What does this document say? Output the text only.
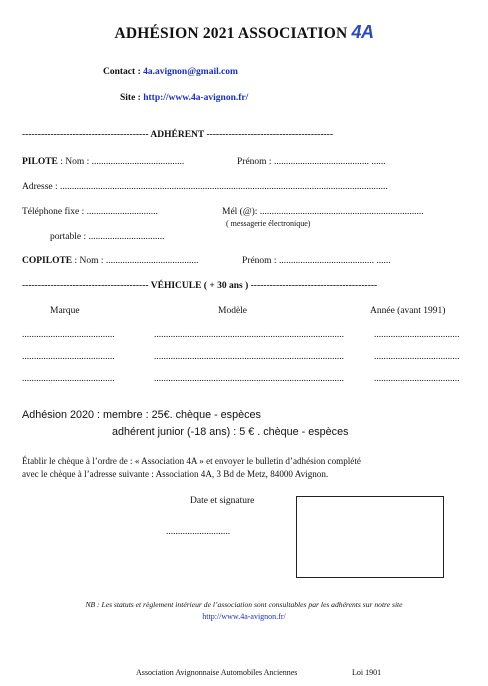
ADHÉSION 2021 ASSOCIATION 4A
Contact : 4a.avignon@gmail.com
Site : http://www.4a-avignon.fr/
---------------------------------------- ADHÉRENT ----------------------------------------
PILOTE : Nom : .......................................	Prénom : ........................................ ......
Adresse : ..........................................................................................................................................
Téléphone fixe : ..............................	Mél (@): .....................................................................
( messagerie électronique)
portable : ................................
COPILOTE : Nom : .......................................	Prénom : ........................................ ......
---------------------------------------- VÉHICULE ( + 30 ans ) ----------------------------------------
Marque	Modèle	Année (avant 1991)
.......................................	................................................................................	....................................
.......................................	................................................................................	....................................
.......................................	................................................................................	....................................
Adhésion 2020 : membre : 25€. chèque - espèces
adhérent junior (-18 ans) : 5 € . chèque - espèces
Établir le chèque à l’ordre de : « Association 4A » et envoyer le bulletin d’adhésion complété
avec le chèque à l’adresse suivante : Association 4A, 3 Bd de Metz, 84000 Avignon.
Date et signature
...........................
NB : Les statuts et règlement intérieur de l’association sont consultables par les adhérents sur notre site
http://www.4a-avignon.fr/
Association Avignonnaise Automobiles Anciennes	Loi 1901
